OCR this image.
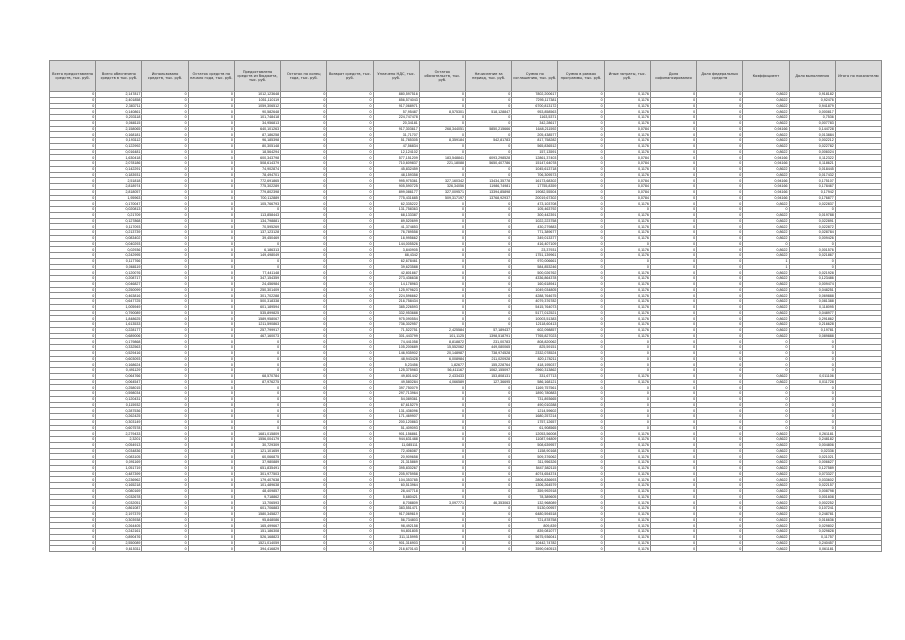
Всего предоставлено средств, тыс. руб.	Всего обеспечено средств в тыс. руб.	Использовано средств, тыс. руб.	Остаток средств на начало года, тыс. руб.	Предоставлено средств из бюджета, тыс. руб.	Остаток на конец года, тыс. руб.	Возврат средств, тыс. руб.	Уплачено НДС, тыс. руб.	Остаток обязательств, тыс. руб.	Начисление за период, тыс. руб.	Сумма по соглашению, тыс. руб.	Сумма в рамках программы, тыс. руб.	Иные затраты, тыс. руб.	Доля софинансирования	Доля федеральных средств	Коэффициент	Доля выполнения	Итого по показателю
0	2,147817	0	0	1012,123648	0	0	880,597516	0	0	7802,200617	0	0,1176	0	0	0,8622	0,918182	
0	2,401858	0	0	1051,110119	0	0	856,574043	0	0	7295,117381	0	0,1176	0	0	0,8622	0,92476	
0	2,383711	0	0	1059,306512	0	0	917,068971	0	0	6700,813172	0	0,1176	0	0	0,8622	0,941879	
0	0,140861	0	0	90,582648	0	0	57,95487	8,575301	518,128847	953,858563	0	0,1176	0	0	0,8622	0,000817	
0	0,203118	0	0	101,748418	0	0	224,747478	0	0	1163,5371	0	0,1176	0	0	0,8622	0,7536	
0	0,068115	0	0	34,956813	0	0	20,34181	0	0	342,28617	0	0,1176	0	0	0,8622	0,007783	
0	2,158065	0	0	640,101263	0	0	917,303617	268,344051	5850,215666	1648,211592	0	0,0784	0	0	0,94166	0,144728	
0	0,168181	0	0	87,186258	0	0	31,71707	0	0	205,438577	0	0,1176	0	0	0,8622	0,013884	
0	0,193112	0	0	96,185398	0	0	51,785305	8,359184	542,81783	817,758282	0	0,1176	0	0	0,8622	0,002212	
0	0,122992	0	0	80,305148	0	0	47,56834	0	0	565,836512	0	0,1176	0	0	0,8622	0,022782	
0	0,016481	0	0	18,564294	0	0	12,124102	0	0	157,13591	0	0,1176	0	0	0,8622	0,006024	
0	1,630418	0	0	600,343798	0	0	577,151209	183,548841	6093,298528	12861,37403	0	0,0784	0	0	0,94166	0,112322	
0	2,078186	0	0	508,614379	0	0	710,609837	221,18088	5650,407786	15147,64078	0	0,0784	0	0	0,94166	0,118621	
0	0,142291	0	0	74,902874	0	0	45,832459	0	0	1045,613718	0	0,1176	0	0	0,8622	0,018445	
0	0,183931	0	0	78,494701	0	0	48,159358	0	0	706,309573	0	0,1176	0	0	0,8622	0,017432	
0	2,51818	0	0	772,691865	0	0	995,975361	327,160342	13434,35778	16173,68302	0	0,0784	0	0	0,94166	0,175107	
0	2,818974	0	0	775,302289	0	0	905,590725	326,34056	11986,74981	17755,8359	0	0,0784	0	0	0,94166	0,178467	
0	2,818057	0	0	779,802398	0	0	899,086177	327,009571	13394,85898	19082,55504	0	0,0784	0	0	0,94166	0,17942	
0	1,95963	0	0	700,112889	0	0	775,431685	509,317197	13768,92937	20019,67302	0	0,0784	0	0	0,94166	0,176877	
0	0,170047	0	0	105,766793	0	0	62,335222	0	0	473,103708	0	0,1176	0	0	0,8622	0,022837	
0	0,020813	0	0	0	0	0	131,758363	0	0	105,463792	0	0	0	0	0	0	
0	0,21709	0	0	113,858443	0	0	68,133387	0	0	300,442391	0	0,1176	0	0	0,8622	0,019788	
0	0,127868	0	0	134,798881	0	0	89,520699	0	0	1022,223758	0	0,1176	0	0	0,8622	0,022891	
0	0,117093	0	0	70,595269	0	0	41,374853	0	0	430,279883	0	0,1176	0	0	0,8622	0,022872	
0	0,213739	0	0	137,123128	0	0	76,789558	0	0	771,389677	0	0,1176	0	0	0,8622	0,028784	
0	0,083402	0	0	39,450469	0	0	16,995662	0	0	349,013377	0	0,1176	0	0	0,8622	0,009426	
0	0,040293	0	0	0	0	0	144,005526	0	0	416,407109	0	0	0	0	0	0	
0	0,02936	0	0	6,186313	0	0	3,840905	0	0	23,37931	0	0,1176	0	0	0,8622	0,001576	
0	0,242995	0	0	149,498049	0	0	88,4342	0	0	1751,139961	0	0,1176	0	0	0,8622	0,021867	
0	0,117766	0	0	0	0	0	62,678461	0	0	970,006661	0	0	0	0	1	0	
0	0,068119	0	0	0	0	0	39,623588	0	0	584,853246	0	0	0	0	1	0	
0	0,120076	0	0	77,441148	0	0	42,801667	0	0	500,026762	0	0,1176	0	0	0,8622	0,021928	
0	0,208717	0	0	347,154359	0	0	273,436638	0	0	4336,864378	0	0,1176	0	0	0,8622	0,123486	
0	0,046827	0	0	24,456984	0	0	14,178963	0	0	160,618941	0	0,1176	0	0	0,8622	0,009474	
0	0,250099	0	0	250,301409	0	0	125,979623	0	0	1049,034805	0	0,1176	0	0	0,8622	0,048251	
0	0,463816	0	0	301,702288	0	0	224,596662	0	0	4288,764675	0	0,1176	0	0	0,8622	0,069888	
0	0,647725	0	0	500,318338	0	0	216,758434	0	0	4079,376782	0	0,1176	0	0	0,8622	0,081388	
0	1,005949	0	0	601,189594	0	0	385,226593	0	0	5415,764073	0	0,1176	0	0	0,8622	0,118095	
0	0,790089	0	0	535,899825	0	0	332,953688	0	0	5177,012521	0	0,1176	0	0	0,8622	0,048977	
0	1,848625	0	0	1589,958067	0	0	975,090554	0	0	10003,51383	0	0,1176	0	0	0,8622	0,291862	
0	1,613533	0	0	1211,590863	0	0	736,302957	0	0	12118,60413	0	0,1176	0	0	0,8622	0,216628	
0	0,228177	0	0	257,799917	0	0	71,522751	2,425584	57,189437	602,098857	0	0,1176	0	0	0,8622	0,19781	
0	0,689006	0	0	467,160073	0	0	301,443799	101,1125	1398,518791	7765,827023	0	0,1176	0	0	0,8622	0,089888	
0	0,179868	0	0	0	0	0	74,441058	8,818872	231,00783	808,820062	0	0	0	0	0	0	
0	0,332563	0	0	0	0	0	105,200689	15,552062	449,080065	825,59151	0	0	0	0	0	0	
0	0,529416	0	0	0	0	0	146,935902	20,148987	738,974528	2332,078524	0	0	0	0	0	0	
0	0,603093	0	0	0	0	0	48,943428	6,008984	211,020928	820,178211	0	0	0	0	0	0	
0	0,168624	0	0	0	0	0	5,23456	1,82677	155,228764	418,195037	0	0	0	0	0	0	
0	0,491129	0	0	0	0	0	125,375983	56,411167	1062,155097	2960,313862	0	0	0	0	0	0	
0	0,064766	0	0	68,570784	0	0	49,801442	2,433433	153,808131	331,67713	0	0,1176	0	0	0,8622	0,011106	
0	0,064547	0	0	87,976275	0	0	49,580284	4,066589	127,36695	586,168121	0	0,1176	0	0	0,8622	0,011728	
0	0,258015	0	0	0	0	0	397,750079	0	0	1169,757561	0	0	0	0	0	0	
0	0,598034	0	0	0	0	0	297,713964	0	0	1890,780883	0	0	0	0	0	0	
0	0,120431	0	0	0	0	0	54,089361	0	0	731,893665	0	0	0	0	0	0	
0	0,115932	0	0	0	0	0	67,615279	0	0	490,010288	0	0	0	0	0	0	
0	0,287536	0	0	0	0	0	131,436096	0	0	1214,59602	0	0	0	0	0	0	
0	0,262425	0	0	0	0	0	171,469907	0	0	1680,257214	0	0	0	0	0	0	
0	0,303149	0	0	0	0	0	200,120863	0	0	1757,12657	0	0	0	0	0	0	
0	0,607578	0	0	0	0	0	51,409093	0	0	61,908565	0	0	0	0	0	0	
0	2,279433	0	0	1681,015809	0	0	901,156861	0	0	12053,56008	0	0,1176	0	0	0,8622	0,261181	
0	2,3201	0	0	1556,004179	0	0	944,631488	0	0	11087,94809	0	0,1176	0	0	0,8622	0,248182	
0	0,054913	0	0	30,729309	0	0	11,085111	0	0	508,639957	0	0,1176	0	0	0,8622	0,004806	
0	0,034836	0	0	121,101659	0	0	72,406087	0	0	1158,90168	0	0,1176	0	0	0,8622	0,02336	
0	0,083105	0	0	60,066875	0	0	20,909658	0	0	509,376062	0	0,1176	0	0	0,8622	0,021021	
0	0,091169	0	0	37,980889	0	0	21,315869	0	0	311,956326	0	0,1176	0	0	0,8622	0,006627	
0	1,051719	0	0	651,835491	0	0	395,830267	0	0	5447,582115	0	0,1176	0	0	0,8622	0,127589	
0	0,487399	0	0	301,977503	0	0	205,975958	0	0	4074,654374	0	0,1176	0	0	0,8622	0,073327	
0	0,236962	0	0	179,407638	0	0	104,353785	0	0	2806,836693	0	0,1176	0	0	0,8622	0,033602	
0	0,165218	0	0	101,489638	0	0	60,513964	0	0	1306,264579	0	0,1176	0	0	0,8622	0,022157	
0	0,080169	0	0	48,409857	0	0	28,447718	0	0	359,992918	0	0,1176	0	0	0,8622	0,008798	
0	0,032678	0	0	9,718862	0	0	5,680421	0	0	78,389605	0	0,1176	0	0	0,8622	0,001608	
0	0,032051	0	0	13,706593	0	0	8,708809	3,097771	46,353063	132,968089	0	0,1176	0	0	0,8622	0,002252	
0	0,861087	0	0	601,706883	0	0	383,551471	0	0	5130,00957	0	0,1176	0	0	0,8622	0,107241	
0	2,197379	0	0	1580,345827	0	0	917,069619	0	0	6480,594518	0	0,1176	0	0	0,8622	0,248781	
0	0,303938	0	0	95,848086	0	0	56,734803	0	0	721,878758	0	0,1176	0	0	0,8622	0,016636	
0	0,264405	0	0	165,499667	0	0	98,492158	0	0	809,839	0	0,1176	0	0	0,8622	0,029802	
0	0,242161	0	0	151,186308	0	0	94,801805	0	0	839,081077	0	0,1176	0	0	0,8622	0,029828	
0	0,890476	0	0	526,168823	0	0	311,115995	0	0	5675,936041	0	0,1176	0	0	0,8622	0,11757	
0	2,550089	0	0	1521,014059	0	0	901,316903	0	0	10442,74782	0	0,1176	0	0	0,8622	0,240457	
0	0,615311	0	0	394,416829	0	0	216,670143	0	0	3590,040513	0	0,1176	0	0	0,8622	0,061181	
